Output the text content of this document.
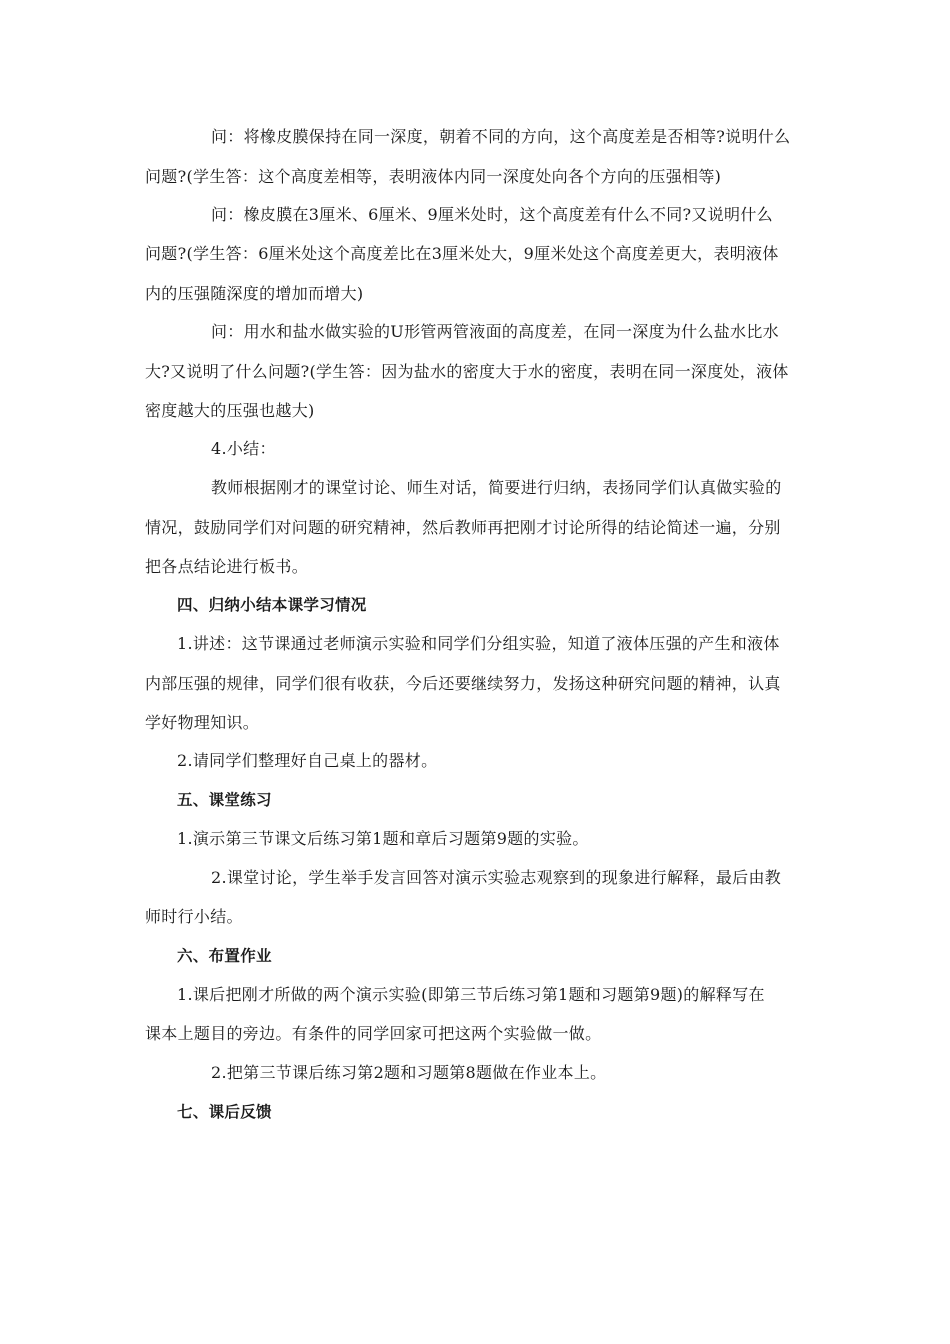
问：将橡皮膜保持在同一深度，朝着不同的方向，这个高度差是否相等?说明什么
问题?(学生答：这个高度差相等，表明液体内同一深度处向各个方向的压强相等)
问：橡皮膜在3厘米、6厘米、9厘米处时，这个高度差有什么不同?又说明什么
问题?(学生答：6厘米处这个高度差比在3厘米处大，9厘米处这个高度差更大，表明液体
内的压强随深度的增加而增大)
问：用水和盐水做实验的U形管两管液面的高度差，在同一深度为什么盐水比水
大?又说明了什么问题?(学生答：因为盐水的密度大于水的密度，表明在同一深度处，液体
密度越大的压强也越大)
4.小结：
教师根据刚才的课堂讨论、师生对话，简要进行归纳，表扬同学们认真做实验的
情况，鼓励同学们对问题的研究精神，然后教师再把刚才讨论所得的结论简述一遍，分别
把各点结论进行板书。
四、归纳小结本课学习情况
1.讲述：这节课通过老师演示实验和同学们分组实验，知道了液体压强的产生和液体
内部压强的规律，同学们很有收获，今后还要继续努力，发扬这种研究问题的精神，认真
学好物理知识。
2.请同学们整理好自己桌上的器材。
五、课堂练习
1.演示第三节课文后练习第1题和章后习题第9题的实验。
2.课堂讨论，学生举手发言回答对演示实验志观察到的现象进行解释，最后由教
师时行小结。
六、布置作业
1.课后把刚才所做的两个演示实验(即第三节后练习第1题和习题第9题)的解释写在
课本上题目的旁边。有条件的同学回家可把这两个实验做一做。
2.把第三节课后练习第2题和习题第8题做在作业本上。
七、课后反馈
